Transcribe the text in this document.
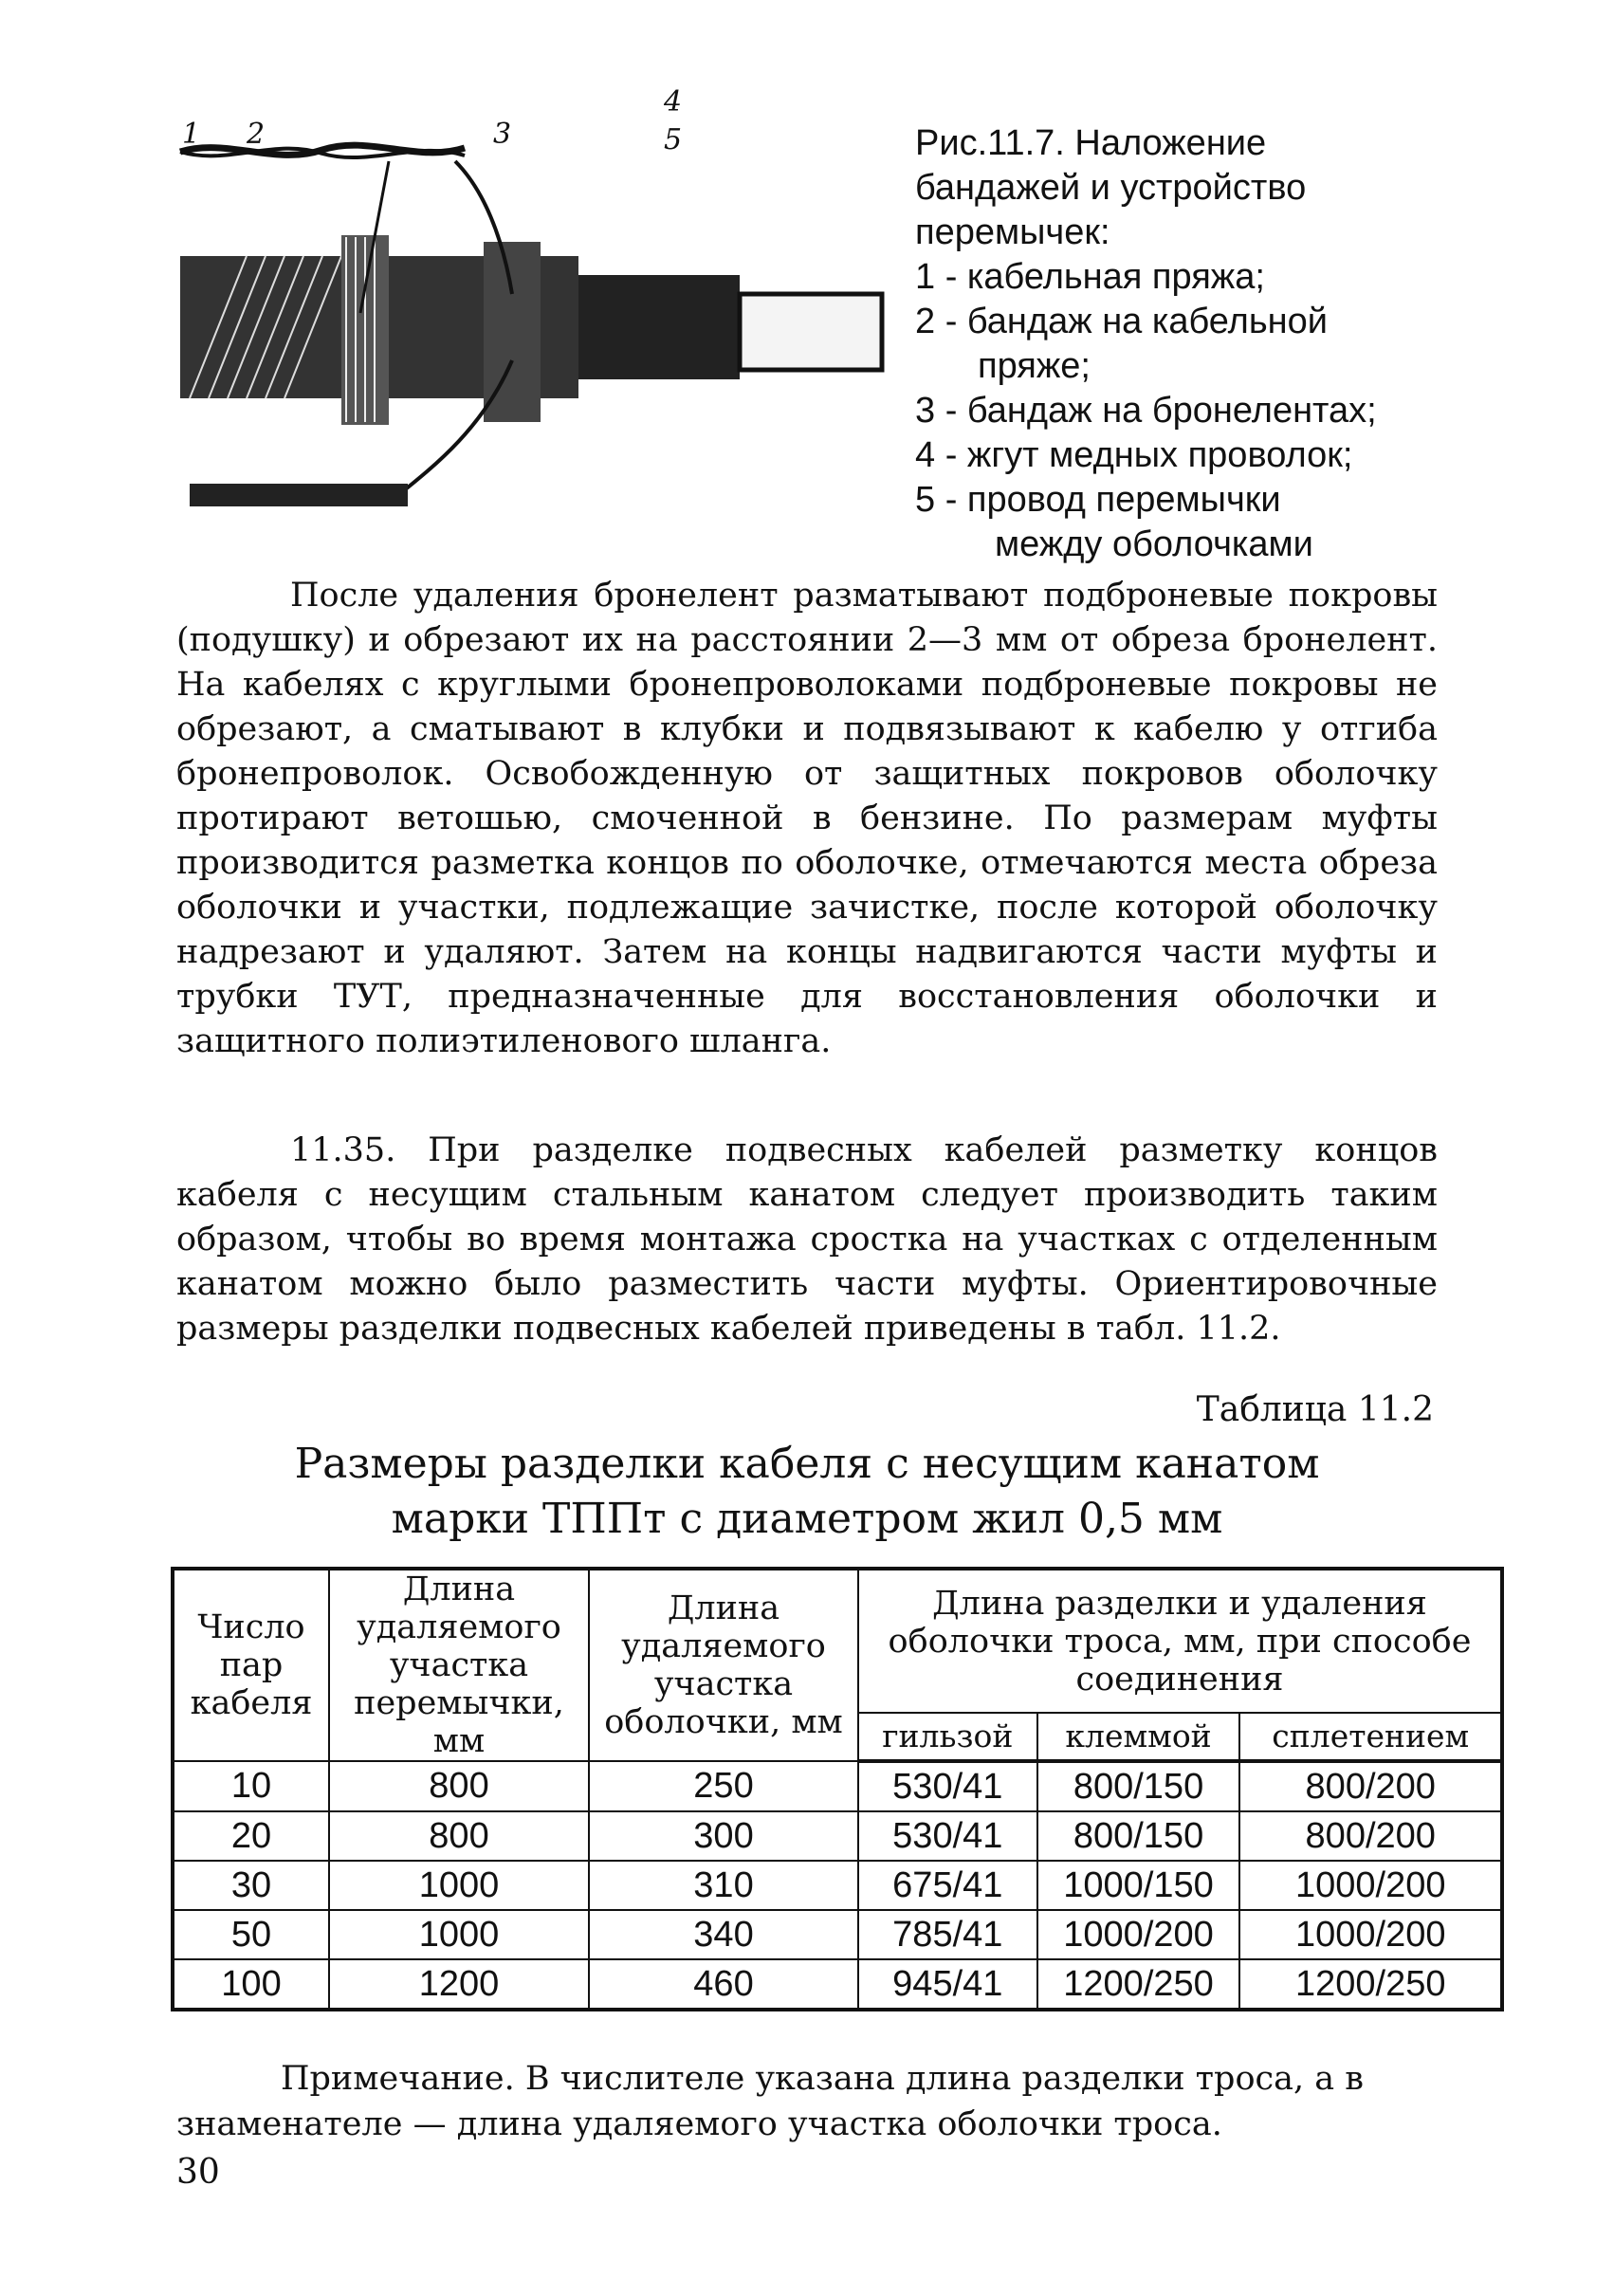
1 2	3
4
5	Рис.11.7. Наложение
бандажей и устройство
перемычек:
1 - кабельная пряжа;
2 - бандаж на кабельной
пряже;
3 - бандаж на бронелентах;
4 - жгут медных проволок;
5 - провод перемычки
между оболочками
После удаления бронелент разматывают подброневые покровы (подушку) и обрезают их на расстоянии 2—3 мм от обреза бронелент. На кабелях с круглыми бронепроволоками подброневые покровы не обрезают, а сматывают в клубки и подвязывают к кабелю у отгиба бронепроволок. Освобожденную от защитных покровов оболочку протирают ветошью, смоченной в бензине. По размерам муфты производится разметка концов по оболочке, отмечаются места обреза оболочки и участки, подлежащие зачистке, после которой оболочку надрезают и удаляют. Затем на концы надвигаются части муфты и трубки ТУТ, предназначенные для восстановления оболочки и защитного полиэтиленового шланга.
11.35. При разделке подвесных кабелей разметку концов кабеля с несущим стальным канатом следует производить таким образом, чтобы во время монтажа сростка на участках с отделенным канатом можно было разместить части муфты. Ориентировочные размеры разделки подвесных кабелей приведены в табл. 11.2.
Таблица 11.2
Размеры разделки кабеля с несущим канатом
марки ТППт с диаметром жил 0,5 мм
Число пар кабеля	Длина удаляемого участка перемычки, мм	Длина удаляемого участка оболочки, мм	Длина разделки и удаления оболочки троса, мм, при способе соединения		
			гильзой	клеммой	сплетением
10	800	250	530/41	800/150	800/200
20	800	300	530/41	800/150	800/200
30	1000	310	675/41	1000/150	1000/200
50	1000	340	785/41	1000/200	1000/200
100	1200	460	945/41	1200/250	1200/250
Примечание. В числителе указана длина разделки троса, а в знаменателе — длина удаляемого участка оболочки троса.
30
